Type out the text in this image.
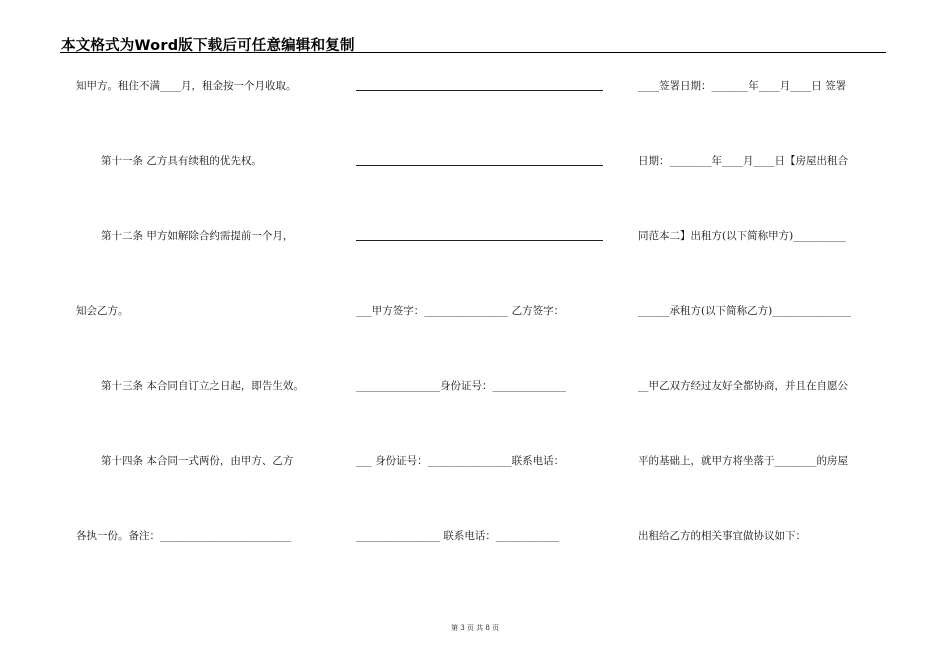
本文格式为Word版下载后可任意编辑和复制
知甲方。租住不满____月，租金按一个月收取。
第十一条 乙方具有续租的优先权。
第十二条 甲方如解除合约需提前一个月，
知会乙方。
第十三条 本合同自订立之日起，即告生效。
第十四条 本合同一式两份，由甲方、乙方
各执一份。备注：_________________________
___甲方签字：________________ 乙方签字：
________________身份证号：______________
___ 身份证号：________________联系电话：
________________ 联系电话：____________
____签署日期：_______年____月____日 签署
日期：________年____月____日【房屋出租合
同范本二】出租方(以下简称甲方)__________
______承租方(以下简称乙方)_______________
__甲乙双方经过友好全都协商，并且在自愿公
平的基础上，就甲方将坐落于________的房屋
出租给乙方的相关事宜做协议如下：
第 3 页 共 8 页
